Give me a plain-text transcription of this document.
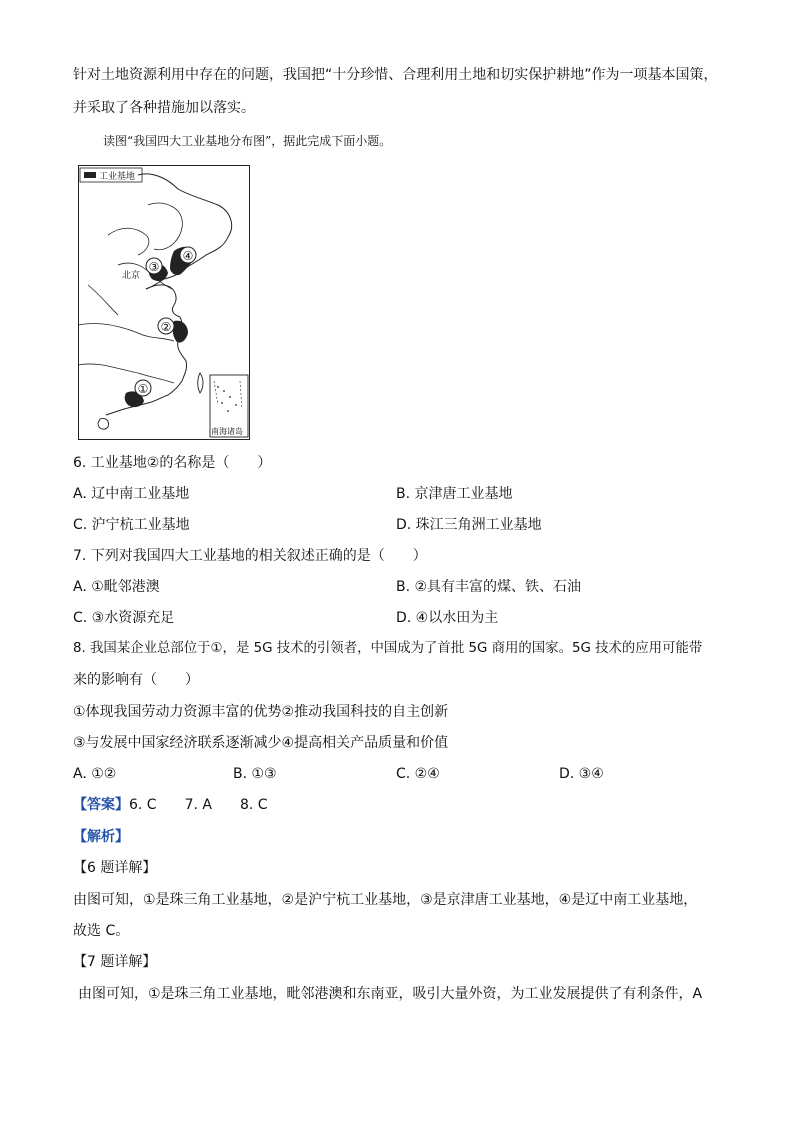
针对土地资源利用中存在的问题，我国把“十分珍惜、合理利用土地和切实保护耕地”作为一项基本国策，
并采取了各种措施加以落实。
读图“我国四大工业基地分布图”，据此完成下面小题。
工业基地
③
④
②
①
北京
南海诸岛
6. 工业基地②的名称是（　　）
A. 辽中南工业基地	B. 京津唐工业基地
C. 沪宁杭工业基地	D. 珠江三角洲工业基地
7. 下列对我国四大工业基地的相关叙述正确的是（　　）
A. ①毗邻港澳	B. ②具有丰富的煤、铁、石油
C. ③水资源充足	D. ④以水田为主
8. 我国某企业总部位于①，是 5G 技术的引领者，中国成为了首批 5G 商用的国家。5G 技术的应用可能带
来的影响有（　　）
①体现我国劳动力资源丰富的优势②推动我国科技的自主创新
③与发展中国家经济联系逐渐减少④提高相关产品质量和价值
A. ①②	B. ①③	C. ②④	D. ③④
【答案】6. C　　7. A　　8. C
【解析】
【6 题详解】
由图可知，①是珠三角工业基地，②是沪宁杭工业基地，③是京津唐工业基地，④是辽中南工业基地，
故选 C。
【7 题详解】
由图可知，①是珠三角工业基地，毗邻港澳和东南亚，吸引大量外资，为工业发展提供了有利条件，A
